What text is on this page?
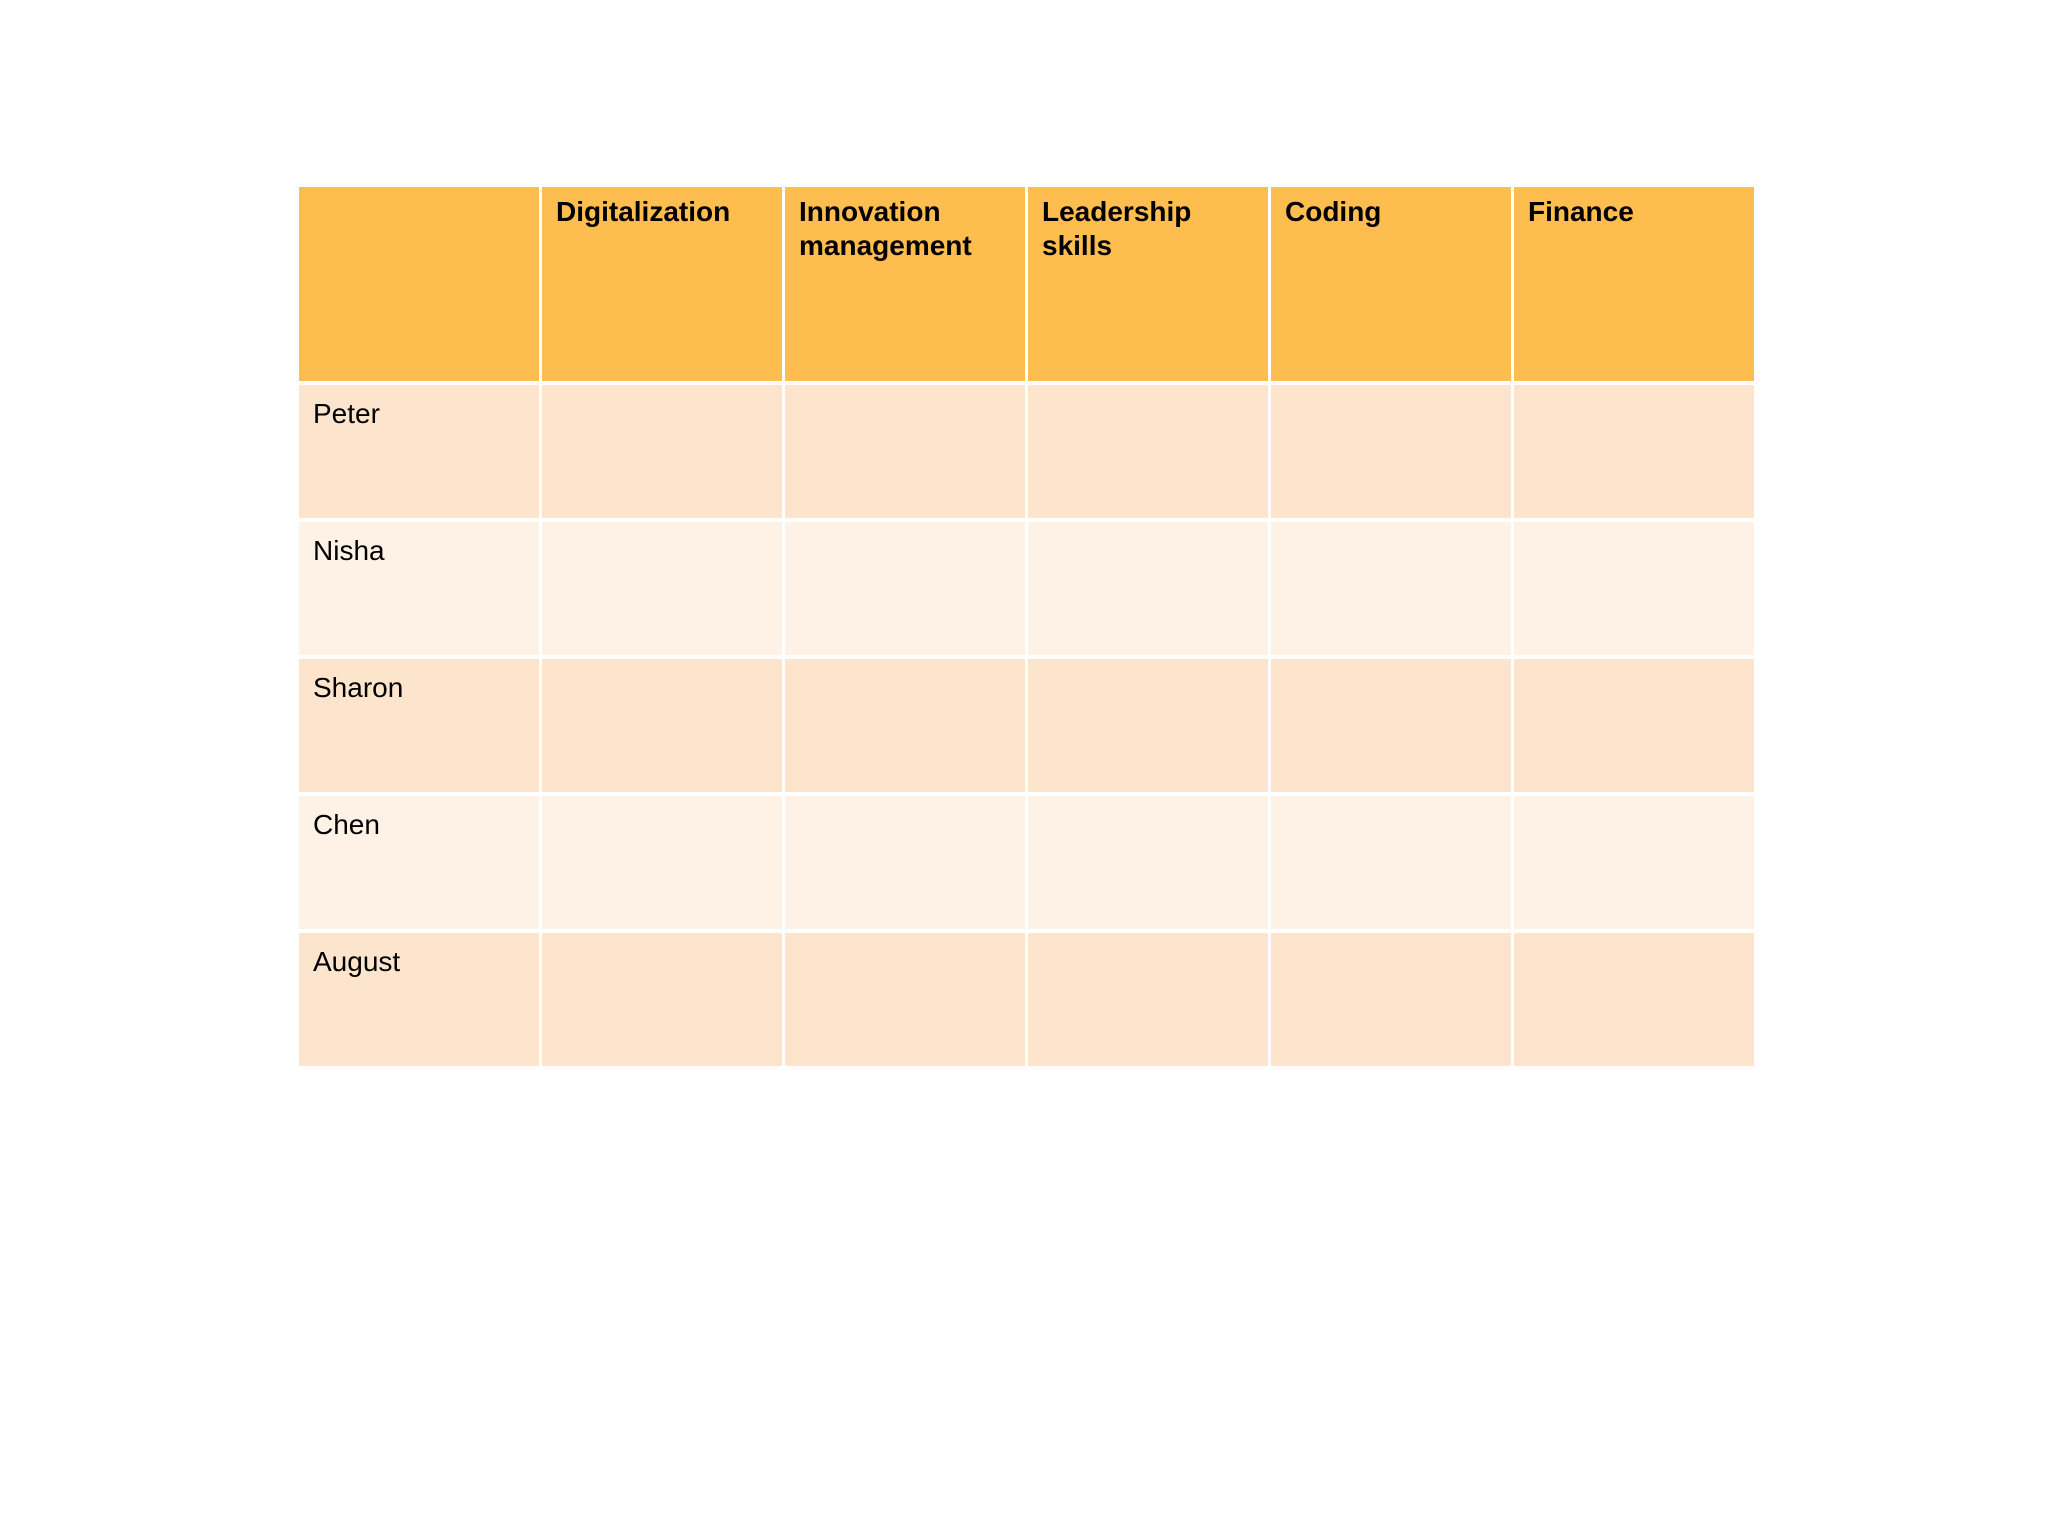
	Digitalization	Innovation management	Leadership skills	Coding	Finance
Peter					
Nisha					
Sharon					
Chen					
August					
